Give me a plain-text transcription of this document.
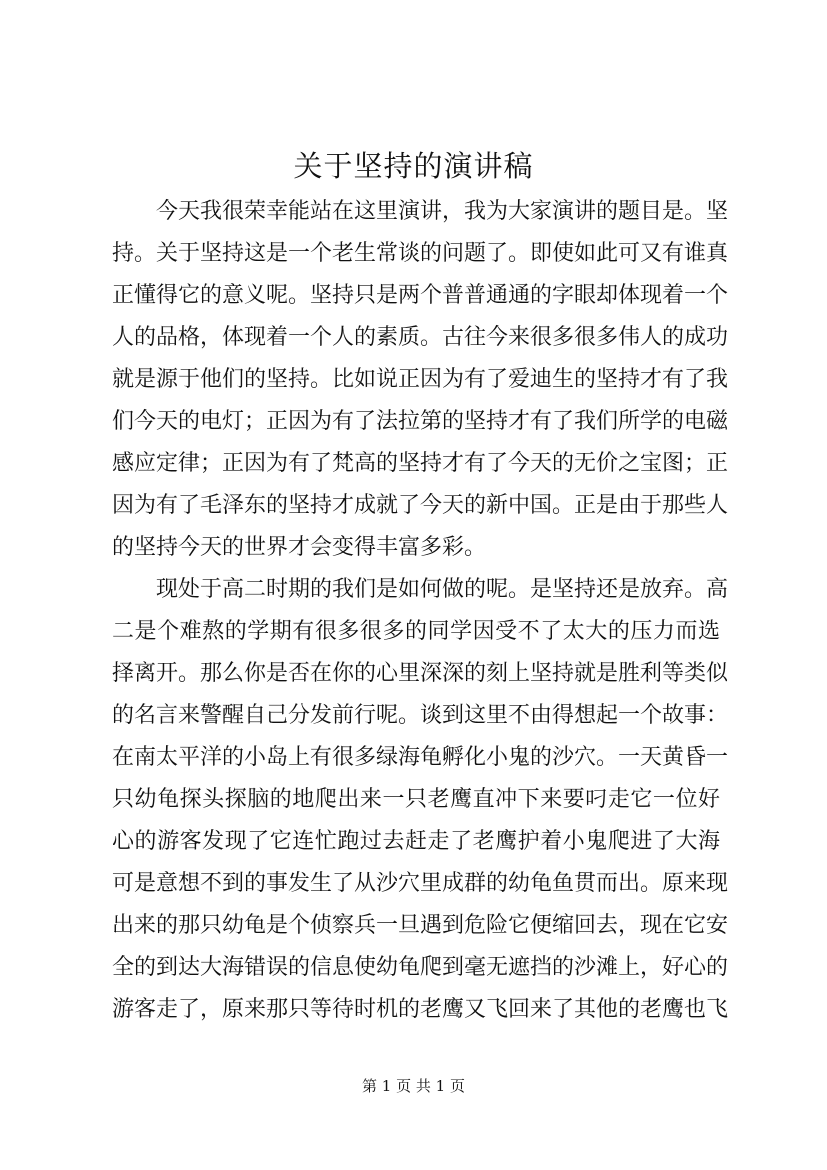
关于坚持的演讲稿
今天我很荣幸能站在这里演讲，我为大家演讲的题目是。坚
持。关于坚持这是一个老生常谈的问题了。即使如此可又有谁真
正懂得它的意义呢。坚持只是两个普普通通的字眼却体现着一个
人的品格，体现着一个人的素质。古往今来很多很多伟人的成功
就是源于他们的坚持。比如说正因为有了爱迪生的坚持才有了我
们今天的电灯；正因为有了法拉第的坚持才有了我们所学的电磁
感应定律；正因为有了梵高的坚持才有了今天的无价之宝图；正
因为有了毛泽东的坚持才成就了今天的新中国。正是由于那些人
的坚持今天的世界才会变得丰富多彩。
现处于高二时期的我们是如何做的呢。是坚持还是放弃。高
二是个难熬的学期有很多很多的同学因受不了太大的压力而选
择离开。那么你是否在你的心里深深的刻上坚持就是胜利等类似
的名言来警醒自己分发前行呢。谈到这里不由得想起一个故事：
在南太平洋的小岛上有很多绿海龟孵化小鬼的沙穴。一天黄昏一
只幼龟探头探脑的地爬出来一只老鹰直冲下来要叼走它一位好
心的游客发现了它连忙跑过去赶走了老鹰护着小鬼爬进了大海
可是意想不到的事发生了从沙穴里成群的幼龟鱼贯而出。原来现
出来的那只幼龟是个侦察兵一旦遇到危险它便缩回去，现在它安
全的到达大海错误的信息使幼龟爬到毫无遮挡的沙滩上，好心的
游客走了，原来那只等待时机的老鹰又飞回来了其他的老鹰也飞
第 1 页 共 1 页
